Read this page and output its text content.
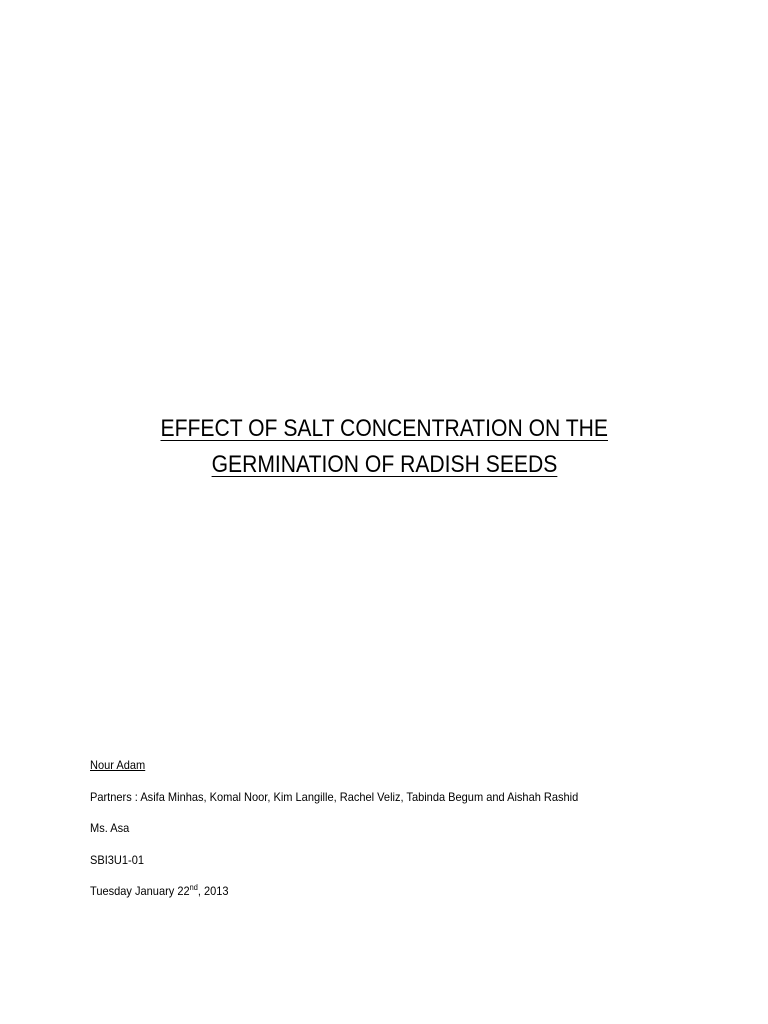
EFFECT OF SALT CONCENTRATION ON THE
GERMINATION OF RADISH SEEDS
Nour Adam
Partners : Asifa Minhas, Komal Noor, Kim Langille, Rachel Veliz, Tabinda Begum and Aishah Rashid
Ms. Asa
SBI3U1-01
Tuesday January 22nd, 2013
